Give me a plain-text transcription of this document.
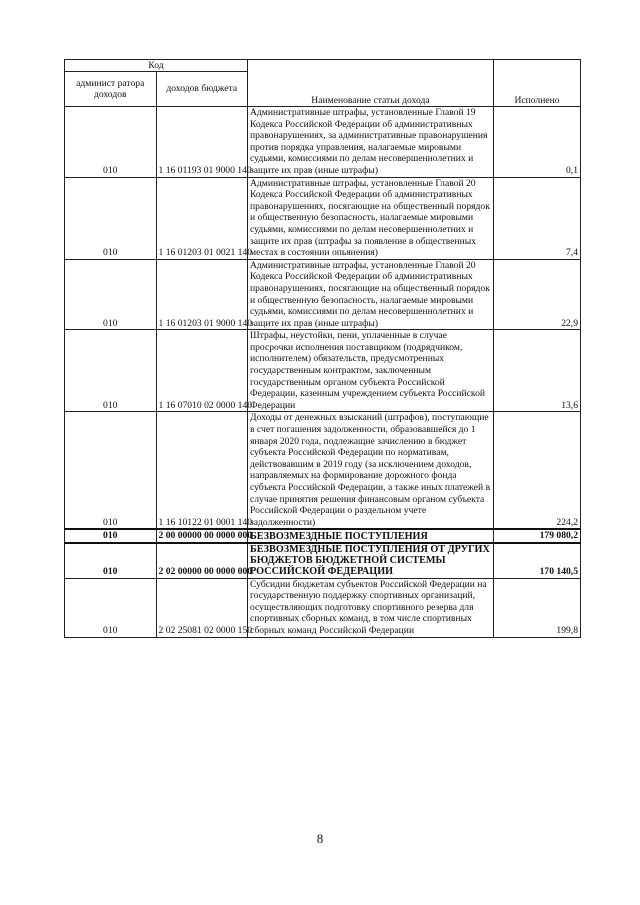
Код		Наименование статьи дохода	Исполнено
админист ратора доходов	доходов бюджета		
010	1 16 01193 01 9000 140	Административные штрафы, установленные Главой 19 Кодекса Российской Федерации об административных правонарушениях, за административные правонарушения против порядка управления, налагаемые мировыми судьями, комиссиями по делам несовершеннолетних и защите их прав (иные штрафы)	0,1
010	1 16 01203 01 0021 140	Административные штрафы, установленные Главой 20 Кодекса Российской Федерации об административных правонарушениях, посягающие на общественный порядок и общественную безопасность, налагаемые мировыми судьями, комиссиями по делам несовершеннолетних и защите их прав (штрафы за появление в общественных местах в состоянии опьянения)	7,4
010	1 16 01203 01 9000 140	Административные штрафы, установленные Главой 20 Кодекса Российской Федерации об административных правонарушениях, посягающие на общественный порядок и общественную безопасность, налагаемые мировыми судьями, комиссиями по делам несовершеннолетних и защите их прав (иные штрафы)	22,9
010	1 16 07010 02 0000 140	Штрафы, неустойки, пени, уплаченные в случае просрочки исполнения поставщиком (подрядчиком, исполнителем) обязательств, предусмотренных государственным контрактом, заключенным государственным органом субъекта Российской Федерации, казенным учреждением субъекта Российской Федерации	13,6
010	1 16 10122 01 0001 140	Доходы от денежных взысканий (штрафов), поступающие в счет погашения задолженности, образовавшейся до 1 января 2020 года, подлежащие зачислению в бюджет субъекта Российской Федерации по нормативам, действовавшим в 2019 году (за исключением доходов, направляемых на формирование дорожного фонда субъекта Российской Федерации, а также иных платежей в случае принятия решения финансовым органом субъекта Российской Федерации о раздельном учете задолженности)	224,2
010	2 00 00000 00 0000 000	БЕЗВОЗМЕЗДНЫЕ ПОСТУПЛЕНИЯ	179 080,2
010	2 02 00000 00 0000 000	БЕЗВОЗМЕЗДНЫЕ ПОСТУПЛЕНИЯ ОТ ДРУГИХ БЮДЖЕТОВ БЮДЖЕТНОЙ СИСТЕМЫ РОССИЙСКОЙ ФЕДЕРАЦИИ	170 140,5
010	2 02 25081 02 0000 150	Субсидии бюджетам субъектов Российской Федерации на государственную поддержку спортивных организаций, осуществляющих подготовку спортивного резерва для спортивных сборных команд, в том числе спортивных сборных команд Российской Федерации	199,8
8
